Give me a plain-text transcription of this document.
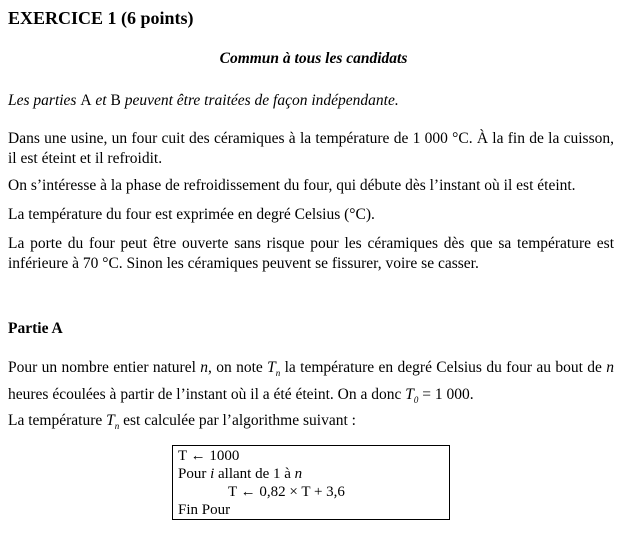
EXERCICE 1 (6 points)
Commun à tous les candidats
Les parties A et B peuvent être traitées de façon indépendante.
Dans une usine, un four cuit des céramiques à la température de 1 000 °C. À la fin de la cuisson, il est éteint et il refroidit.
On s’intéresse à la phase de refroidissement du four, qui débute dès l’instant où il est éteint.
La température du four est exprimée en degré Celsius (°C).
La porte du four peut être ouverte sans risque pour les céramiques dès que sa température est inférieure à 70 °C. Sinon les céramiques peuvent se fissurer, voire se casser.
Partie A
Pour un nombre entier naturel n, on note $T_n$ la température en degré Celsius du four au bout de n heures écoulées à partir de l’instant où il a été éteint. On a donc $T_0 = 1$ 000.
La température $T_n$ est calculée par l’algorithme suivant :
T ← 1000
Pour i allant de 1 à n
T ← 0,82 × T + 3,6
Fin Pour
